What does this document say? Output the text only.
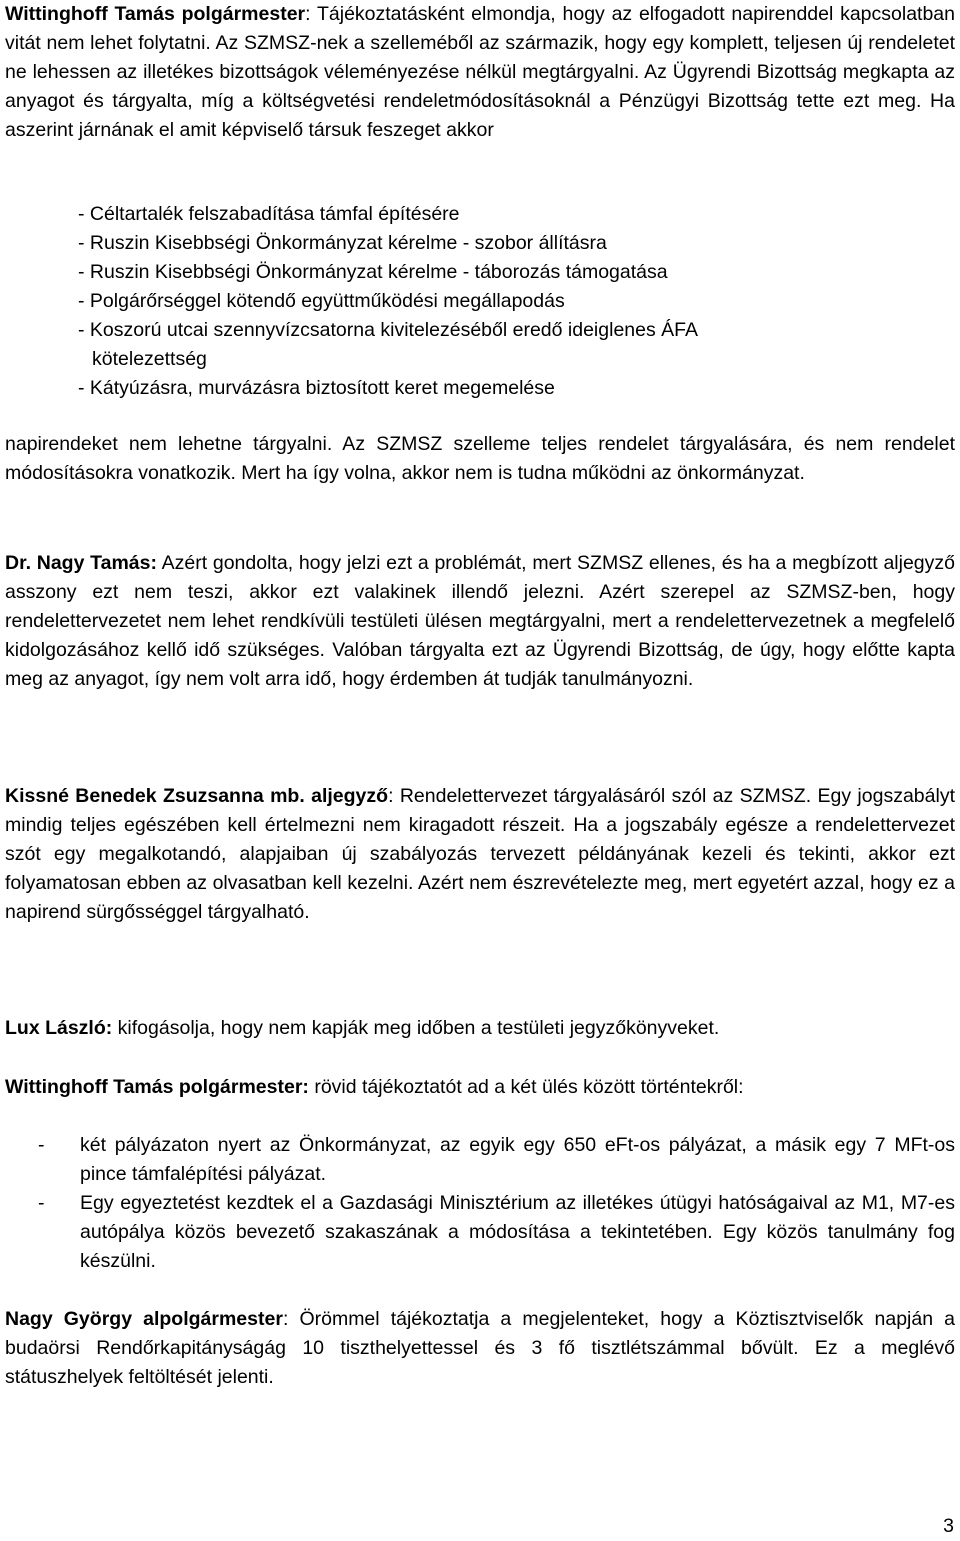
Wittinghoff Tamás polgármester: Tájékoztatásként elmondja, hogy az elfogadott napirenddel kapcsolatban vitát nem lehet folytatni. Az SZMSZ-nek a szelleméből az származik, hogy egy komplett, teljesen új rendeletet ne lehessen az illetékes bizottságok véleményezése nélkül megtárgyalni. Az Ügyrendi Bizottság megkapta az anyagot és tárgyalta, míg a költségvetési rendeletmódosításoknál a Pénzügyi Bizottság tette ezt meg. Ha aszerint járnának el amit képviselő társuk feszeget akkor

- Céltartalék felszabadítása támfal építésére

- Ruszin Kisebbségi Önkormányzat kérelme - szobor állításra

- Ruszin Kisebbségi Önkormányzat kérelme - táborozás támogatása

- Polgárőrséggel kötendő együttműködési megállapodás

- Koszorú utcai szennyvízcsatorna kivitelezéséből eredő ideiglenes ÁFA

kötelezettség

- Kátyúzásra, murvázásra biztosított keret megemelése

napirendeket nem lehetne tárgyalni. Az SZMSZ szelleme teljes rendelet tárgyalására, és nem rendelet módosításokra vonatkozik. Mert ha így volna, akkor nem is tudna működni az önkormányzat.

Dr. Nagy Tamás: Azért gondolta, hogy jelzi ezt a problémát, mert SZMSZ ellenes, és ha a megbízott aljegyző asszony ezt nem teszi, akkor ezt valakinek illendő jelezni. Azért szerepel az SZMSZ-ben, hogy rendelettervezetet nem lehet rendkívüli testületi ülésen megtárgyalni, mert a rendelettervezetnek a megfelelő kidolgozásához kellő idő szükséges. Valóban tárgyalta ezt az Ügyrendi Bizottság, de úgy, hogy előtte kapta meg az anyagot, így nem volt arra idő, hogy érdemben át tudják tanulmányozni.

Kissné Benedek Zsuzsanna mb. aljegyző: Rendelettervezet tárgyalásáról szól az SZMSZ. Egy jogszabályt mindig teljes egészében kell értelmezni nem kiragadott részeit. Ha a jogszabály egésze a rendelettervezet szót egy megalkotandó, alapjaiban új szabályozás tervezett példányának kezeli és tekinti, akkor ezt folyamatosan ebben az olvasatban kell kezelni. Azért nem észrevételezte meg, mert egyetért azzal, hogy ez a napirend sürgősséggel tárgyalható.

Lux László: kifogásolja, hogy nem kapják meg időben a testületi jegyzőkönyveket.

Wittinghoff Tamás polgármester: rövid tájékoztatót ad a két ülés között történtekről:

- két pályázaton nyert az Önkormányzat, az egyik egy 650 eFt-os pályázat, a másik egy 7 MFt-os pince támfalépítési pályázat.
- Egy egyeztetést kezdtek el a Gazdasági Minisztérium az illetékes útügyi hatóságaival az M1, M7-es autópálya közös bevezető szakaszának a módosítása a tekintetében. Egy közös tanulmány fog készülni.

Nagy György alpolgármester: Örömmel tájékoztatja a megjelenteket, hogy a Köztisztviselők napján a budaörsi Rendőrkapitányságág 10 tiszthelyettessel és 3 fő tisztlétszámmal bővült. Ez a meglévő státuszhelyek feltöltését jelenti.

3
